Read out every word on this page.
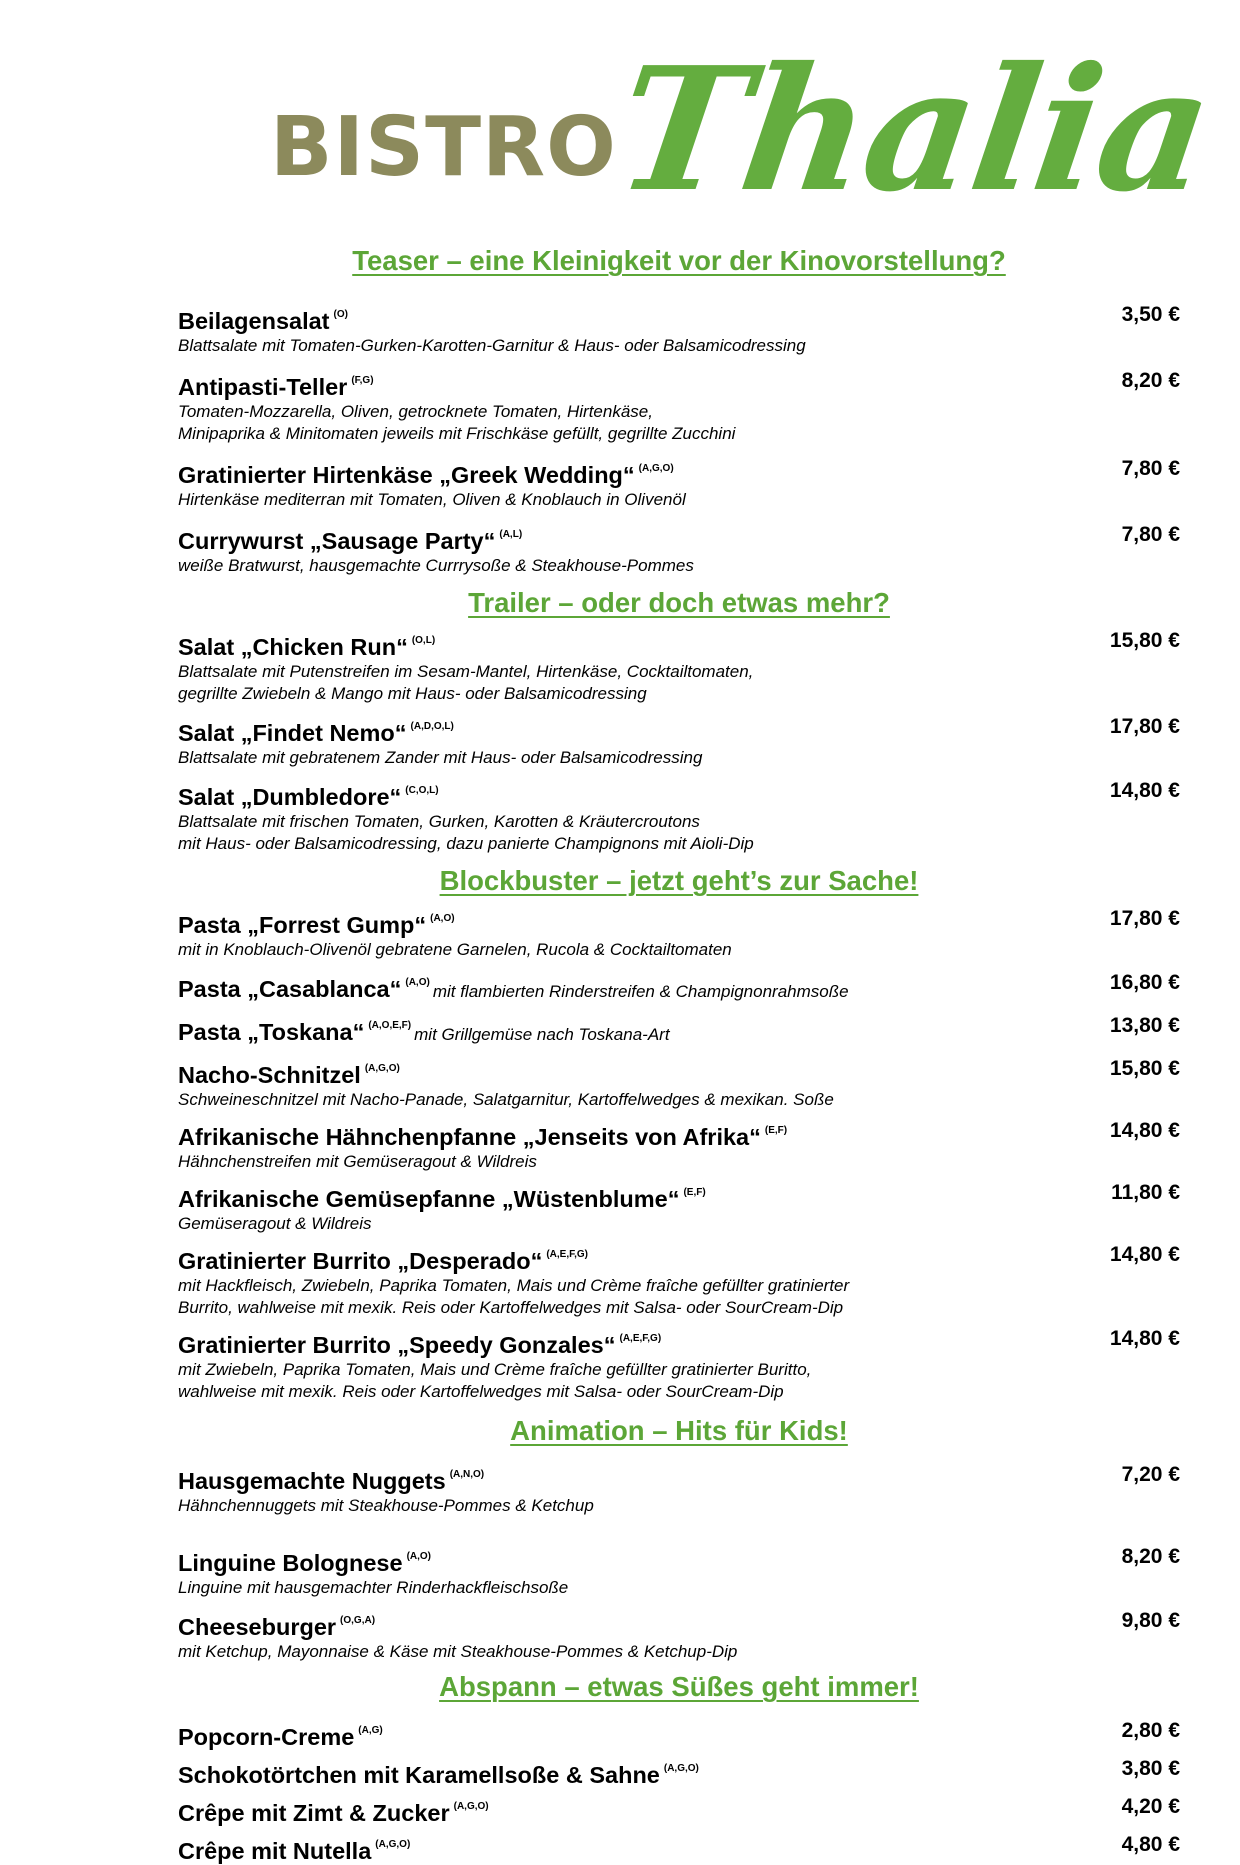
BISTRO
Thalia
Teaser – eine Kleinigkeit vor der Kinovorstellung?
Beilagensalat $^{(O)}$
Blattsalate mit Tomaten-Gurken-Karotten-Garnitur & Haus- oder Balsamicodressing
3,50 €
Antipasti-Teller $^{(F,G)}$
Tomaten-Mozzarella, Oliven, getrocknete Tomaten, Hirtenkäse,
Minipaprika & Minitomaten jeweils mit Frischkäse gefüllt, gegrillte Zucchini
8,20 €
Gratinierter Hirtenkäse „Greek Wedding“ $^{(A,G,O)}$
Hirtenkäse mediterran mit Tomaten, Oliven & Knoblauch in Olivenöl
7,80 €
Currywurst „Sausage Party“ $^{(A,L)}$
weiße Bratwurst, hausgemachte Currrysoße & Steakhouse-Pommes
7,80 €
Trailer – oder doch etwas mehr?
Salat „Chicken Run“ $^{(O,L)}$
Blattsalate mit Putenstreifen im Sesam-Mantel, Hirtenkäse, Cocktailtomaten,
gegrillte Zwiebeln & Mango mit Haus- oder Balsamicodressing
15,80 €
Salat „Findet Nemo“ $^{(A,D,O,L)}$
Blattsalate mit gebratenem Zander mit Haus- oder Balsamicodressing
17,80 €
Salat „Dumbledore“ $^{(C,O,L)}$
Blattsalate mit frischen Tomaten, Gurken, Karotten & Kräutercroutons
mit Haus- oder Balsamicodressing, dazu panierte Champignons mit Aioli-Dip
14,80 €
Blockbuster – jetzt geht’s zur Sache!
Pasta „Forrest Gump“ $^{(A,O)}$
mit in Knoblauch-Olivenöl gebratene Garnelen, Rucola & Cocktailtomaten
17,80 €
Pasta „Casablanca“ $^{(A,O)}$ mit flambierten Rinderstreifen & Champignonrahmsoße	16,80 €
Pasta „Toskana“ $^{(A,O,E,F)}$ mit Grillgemüse nach Toskana-Art	13,80 €
Nacho-Schnitzel $^{(A,G,O)}$
Schweineschnitzel mit Nacho-Panade, Salatgarnitur, Kartoffelwedges & mexikan. Soße
15,80 €
Afrikanische Hähnchenpfanne „Jenseits von Afrika“ $^{(E,F)}$
Hähnchenstreifen mit Gemüseragout & Wildreis
14,80 €
Afrikanische Gemüsepfanne „Wüstenblume“ $^{(E,F)}$
Gemüseragout & Wildreis
11,80 €
Gratinierter Burrito „Desperado“ $^{(A,E,F,G)}$
mit Hackfleisch, Zwiebeln, Paprika Tomaten, Mais und Crème fraîche gefüllter gratinierter
Burrito, wahlweise mit mexik. Reis oder Kartoffelwedges mit Salsa- oder SourCream-Dip
14,80 €
Gratinierter Burrito „Speedy Gonzales“ $^{(A,E,F,G)}$
mit Zwiebeln, Paprika Tomaten, Mais und Crème fraîche gefüllter gratinierter Buritto,
wahlweise mit mexik. Reis oder Kartoffelwedges mit Salsa- oder SourCream-Dip
14,80 €
Animation – Hits für Kids!
Hausgemachte Nuggets $^{(A,N,O)}$
Hähnchennuggets mit Steakhouse-Pommes & Ketchup
7,20 €
Linguine Bolognese $^{(A,O)}$
Linguine mit hausgemachter Rinderhackfleischsoße
8,20 €
Cheeseburger $^{(O,G,A)}$
mit Ketchup, Mayonnaise & Käse mit Steakhouse-Pommes & Ketchup-Dip
9,80 €
Abspann – etwas Süßes geht immer!
Popcorn-Creme $^{(A,G)}$	2,80 €
Schokotörtchen mit Karamellsoße & Sahne $^{(A,G,O)}$	3,80 €
Crêpe mit Zimt & Zucker $^{(A,G,O)}$	4,20 €
Crêpe mit Nutella $^{(A,G,O)}$	4,80 €
